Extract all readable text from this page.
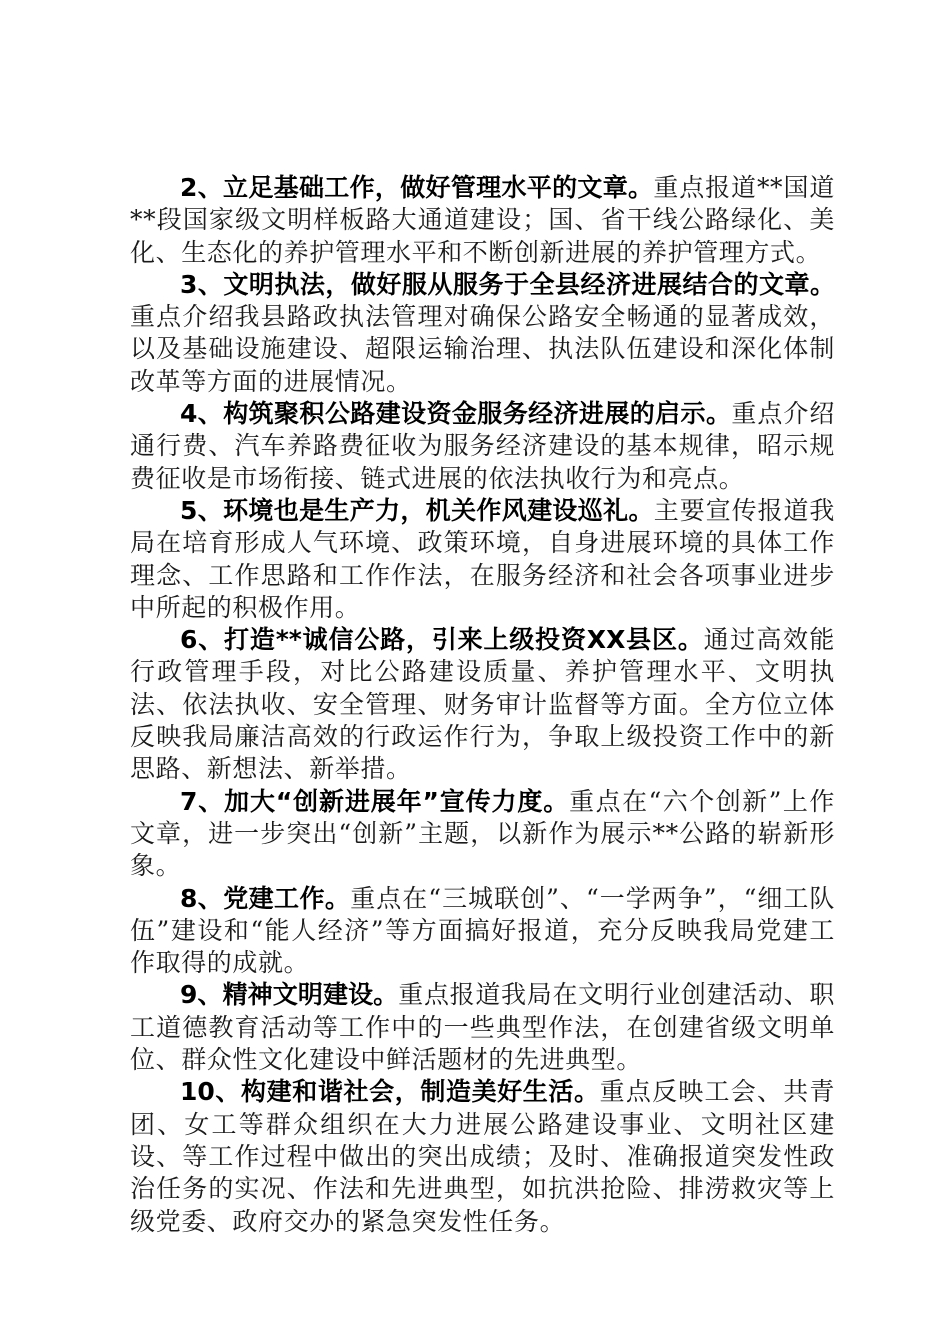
2、立足基础工作，做好管理水平的文章。重点报道**国道**段国家级文明样板路大通道建设；国、省干线公路绿化、美化、生态化的养护管理水平和不断创新进展的养护管理方式。

3、文明执法，做好服从服务于全县经济进展结合的文章。重点介绍我县路政执法管理对确保公路安全畅通的显著成效，以及基础设施建设、超限运输治理、执法队伍建设和深化体制改革等方面的进展情况。

4、构筑聚积公路建设资金服务经济进展的启示。重点介绍通行费、汽车养路费征收为服务经济建设的基本规律，昭示规费征收是市场衔接、链式进展的依法执收行为和亮点。

5、环境也是生产力，机关作风建设巡礼。主要宣传报道我局在培育形成人气环境、政策环境，自身进展环境的具体工作理念、工作思路和工作作法，在服务经济和社会各项事业进步中所起的积极作用。

6、打造**诚信公路，引来上级投资XX县区。通过高效能行政管理手段，对比公路建设质量、养护管理水平、文明执法、依法执收、安全管理、财务审计监督等方面。全方位立体反映我局廉洁高效的行政运作行为，争取上级投资工作中的新思路、新想法、新举措。

7、加大“创新进展年”宣传力度。重点在“六个创新”上作文章，进一步突出“创新”主题，以新作为展示**公路的崭新形象。

8、党建工作。重点在“三城联创”、“一学两争”，“细工队伍”建设和“能人经济”等方面搞好报道，充分反映我局党建工作取得的成就。

9、精神文明建设。重点报道我局在文明行业创建活动、职工道德教育活动等工作中的一些典型作法，在创建省级文明单位、群众性文化建设中鲜活题材的先进典型。

10、构建和谐社会，制造美好生活。重点反映工会、共青团、女工等群众组织在大力进展公路建设事业、文明社区建设、等工作过程中做出的突出成绩；及时、准确报道突发性政治任务的实况、作法和先进典型，如抗洪抢险、排涝救灾等上级党委、政府交办的紧急突发性任务。
